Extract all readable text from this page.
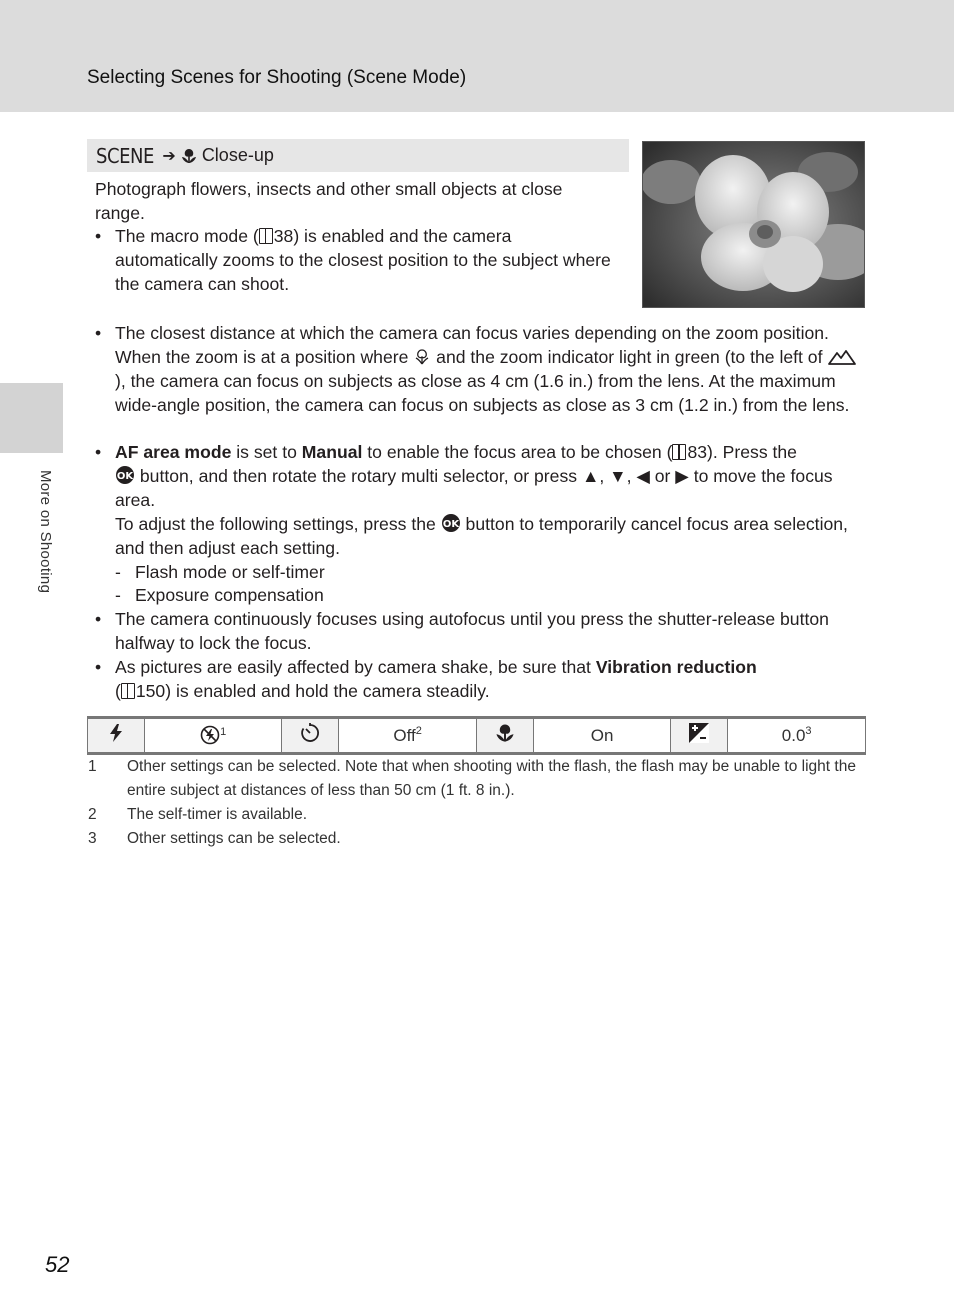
Selecting Scenes for Shooting (Scene Mode)
More on Shooting
SCENE ➔ Close-up
Photograph flowers, insects and other small objects at close range.
• The macro mode ( 38) is enabled and the camera automatically zooms to the closest position to the subject where the camera can shoot.
• The closest distance at which the camera can focus varies depending on the zoom position. When the zoom is at a position where  and the zoom indicator light in green (to the left of ), the camera can focus on subjects as close as 4 cm (1.6 in.) from the lens. At the maximum wide-angle position, the camera can focus on subjects as close as 3 cm (1.2 in.) from the lens.
• AF area mode is set to Manual to enable the focus area to be chosen ( 83). Press the

OK button, and then rotate the rotary multi selector, or press ▲, ▼, ◀ or ▶ to move the focus area.
To adjust the following settings, press the OK button to temporarily cancel focus area selection, and then adjust each setting.
- Flash mode or self-timer
- Exposure compensation
• The camera continuously focuses using autofocus until you press the shutter-release button halfway to lock the focus.
• As pictures are easily affected by camera shake, be sure that Vibration reduction
( 150) is enabled and hold the camera steadily.
	$^1$		Off$^2$		On		$0.0^3$
1 Other settings can be selected. Note that when shooting with the flash, the flash may be unable to light the entire subject at distances of less than 50 cm (1 ft. 8 in.).
2 The self-timer is available.
3 Other settings can be selected.
52
